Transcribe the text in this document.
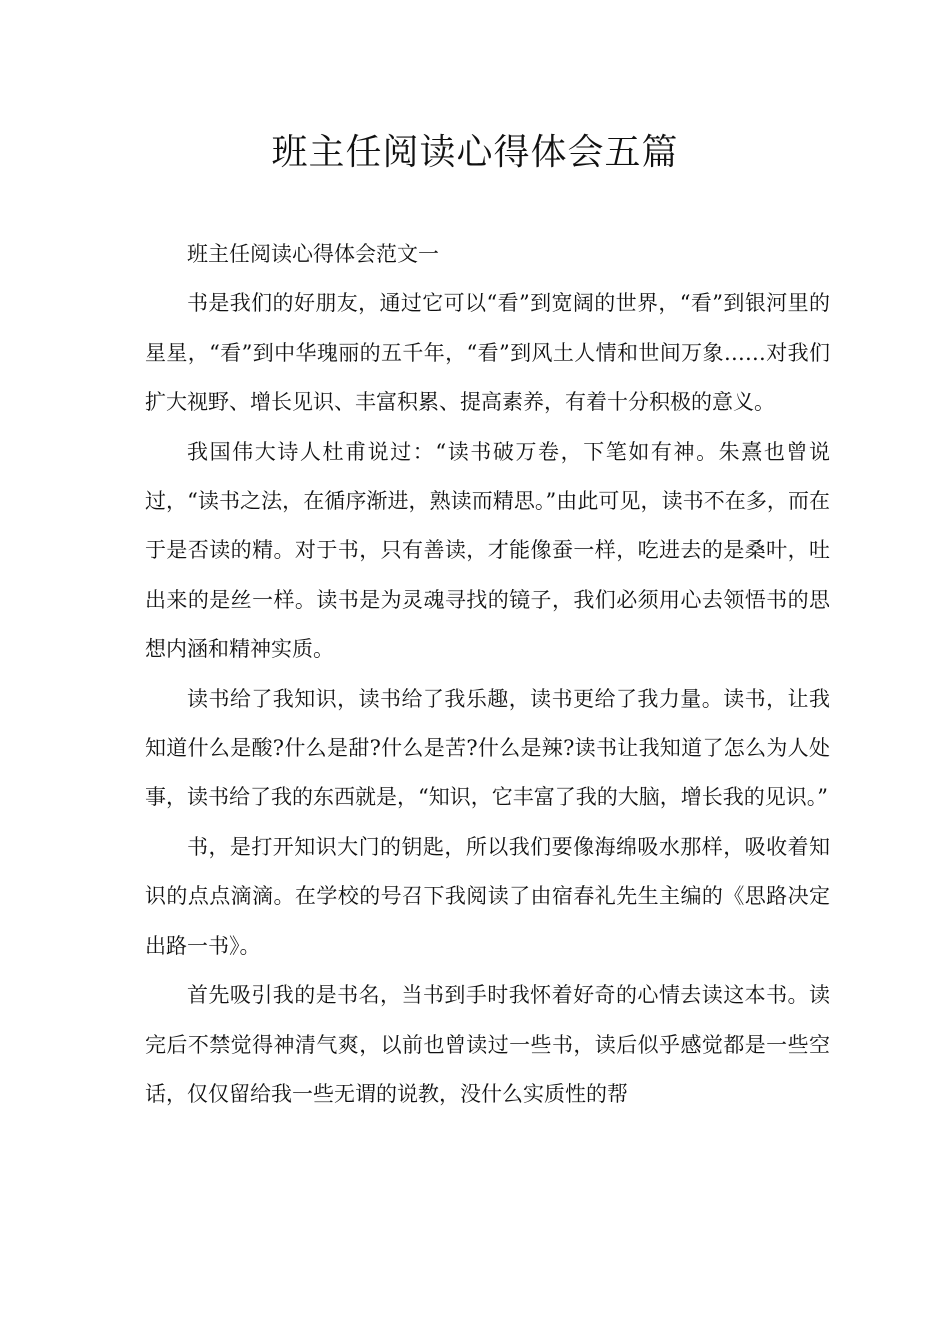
班主任阅读心得体会五篇

班主任阅读心得体会范文一

书是我们的好朋友，通过它可以“看”到宽阔的世界，“看”到银河里的星星，“看”到中华瑰丽的五千年，“看”到风土人情和世间万象……对我们扩大视野、增长见识、丰富积累、提高素养，有着十分积极的意义。

我国伟大诗人杜甫说过：“读书破万卷，下笔如有神。朱熹也曾说过，“读书之法，在循序渐进，熟读而精思。”由此可见，读书不在多，而在于是否读的精。对于书，只有善读，才能像蚕一样，吃进去的是桑叶，吐出来的是丝一样。读书是为灵魂寻找的镜子，我们必须用心去领悟书的思想内涵和精神实质。

读书给了我知识，读书给了我乐趣，读书更给了我力量。读书，让我知道什么是酸?什么是甜?什么是苦?什么是辣?读书让我知道了怎么为人处事，读书给了我的东西就是，“知识，它丰富了我的大脑，增长我的见识。”

书，是打开知识大门的钥匙，所以我们要像海绵吸水那样，吸收着知识的点点滴滴。在学校的号召下我阅读了由宿春礼先生主编的《思路决定出路一书》。

首先吸引我的是书名，当书到手时我怀着好奇的心情去读这本书。读完后不禁觉得神清气爽，以前也曾读过一些书，读后似乎感觉都是一些空话，仅仅留给我一些无谓的说教，没什么实质性的帮
